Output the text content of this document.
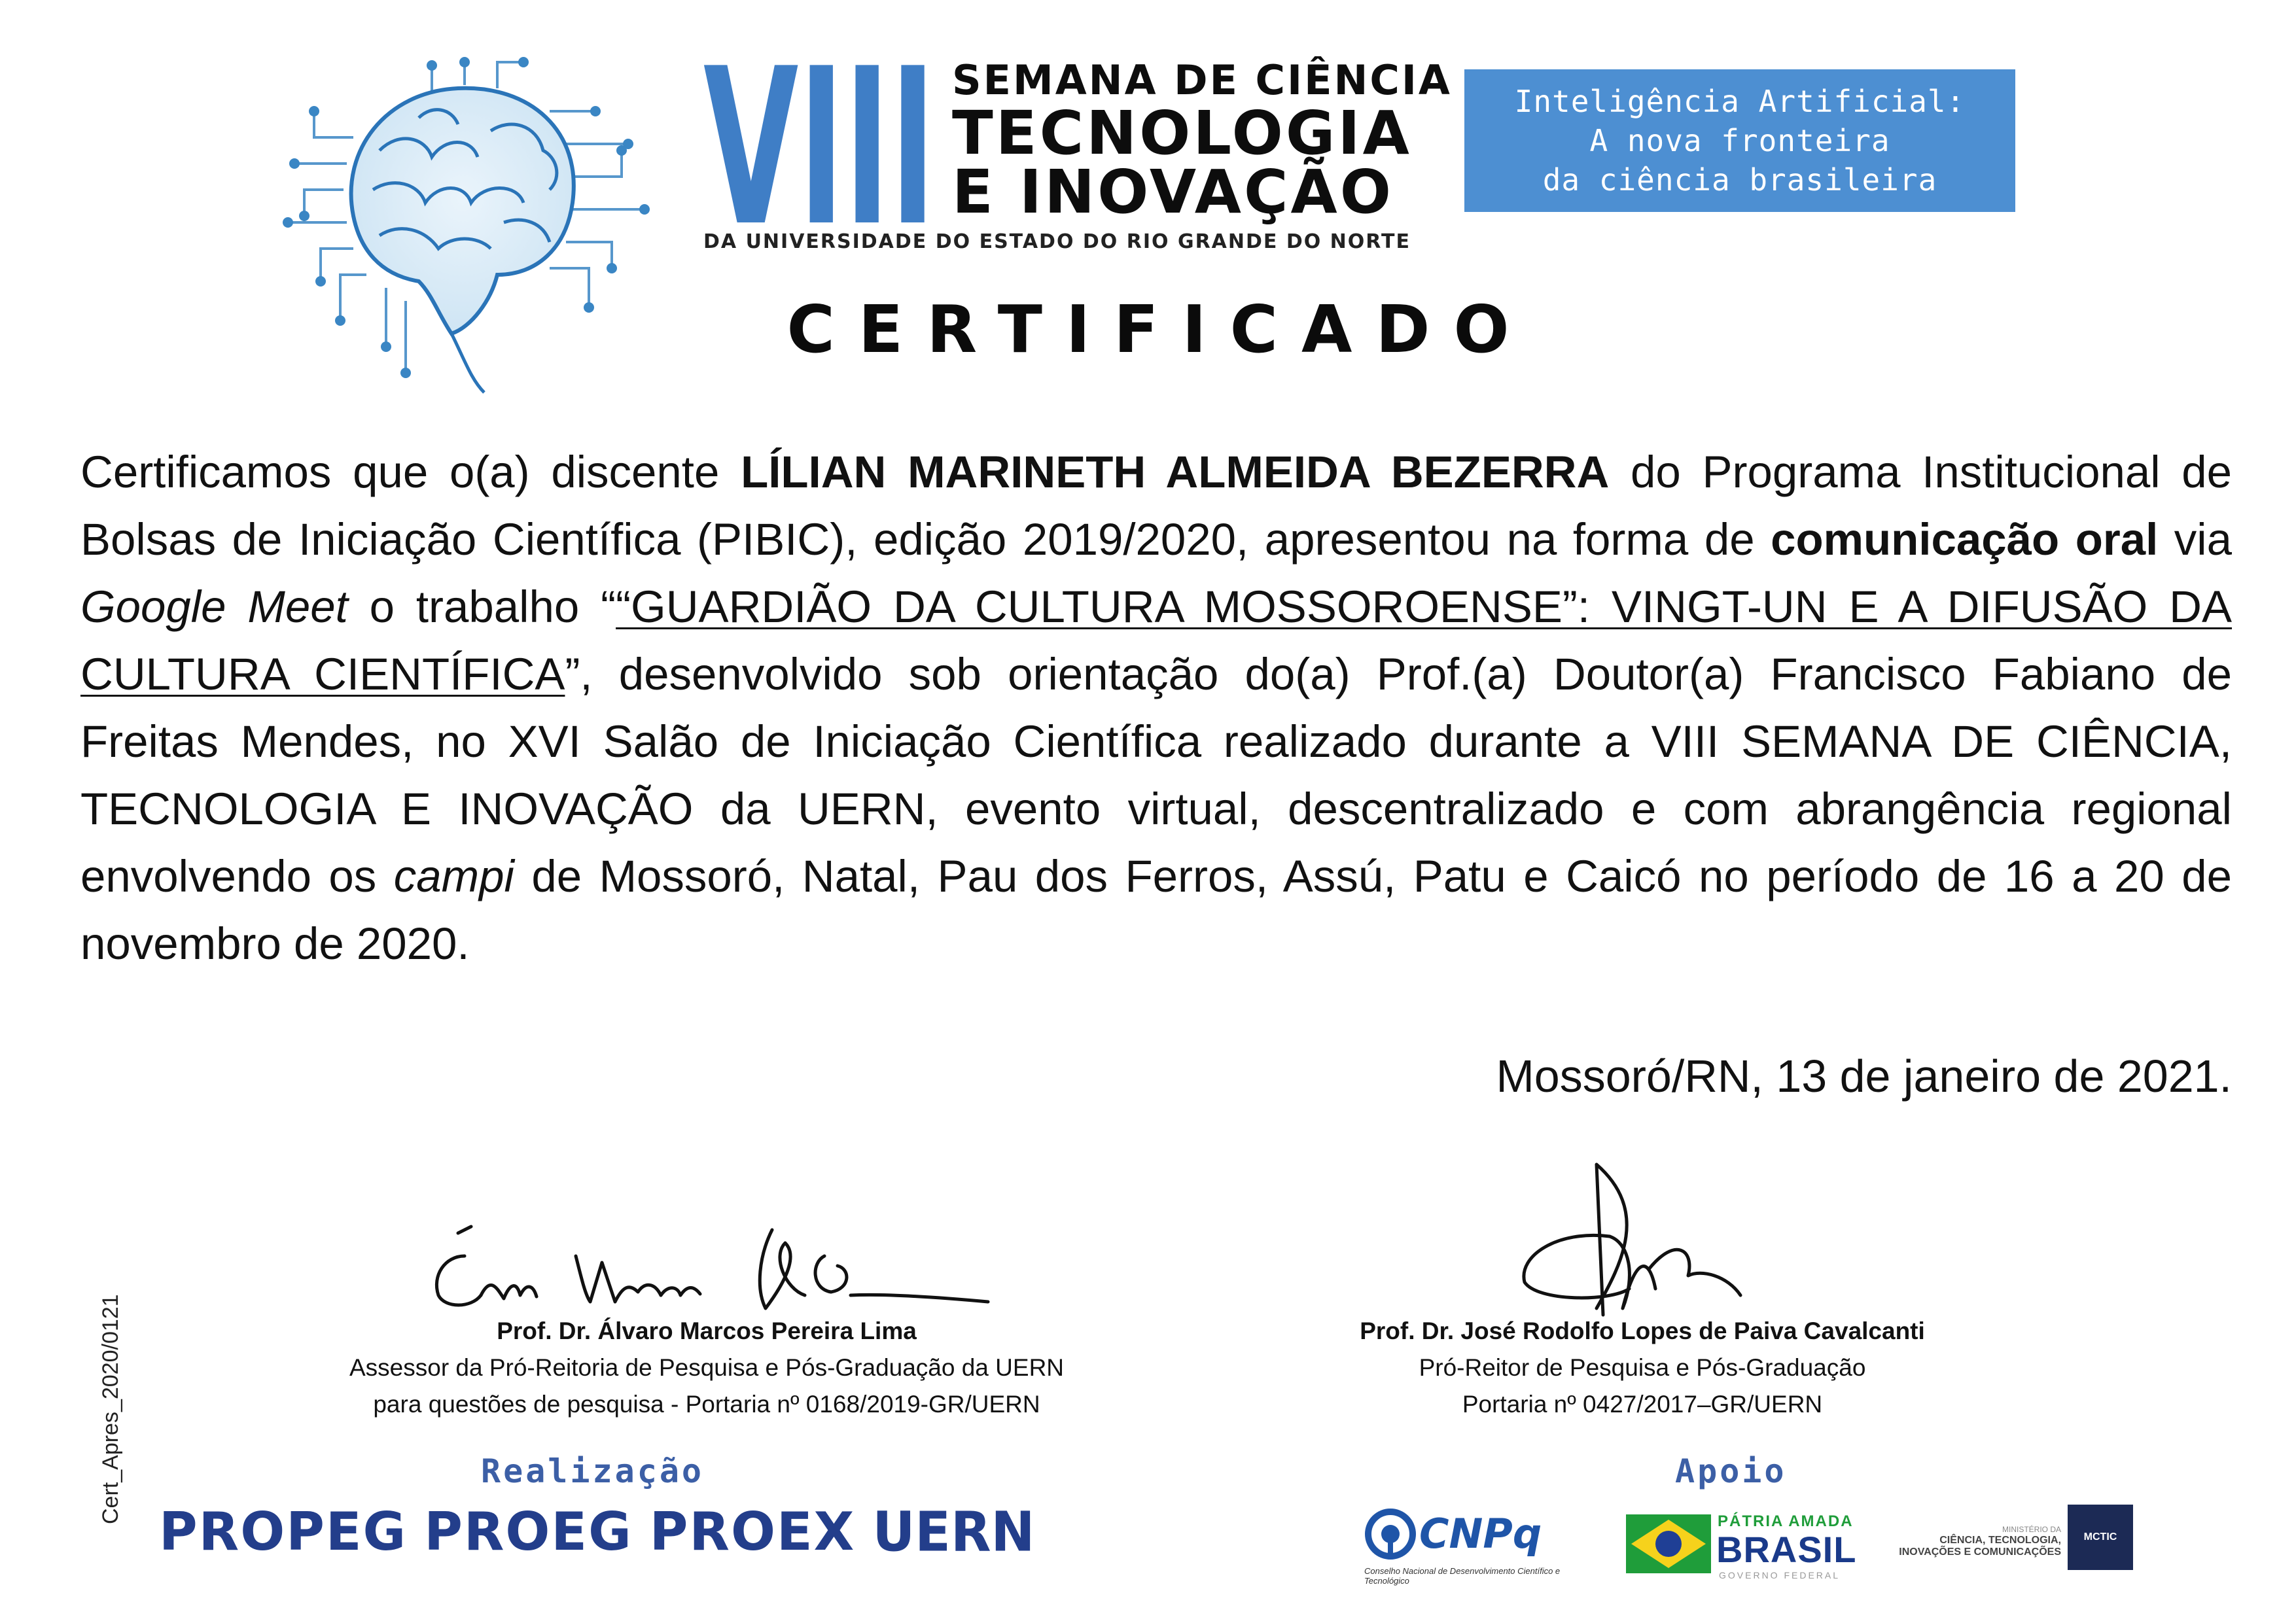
VIII SEMANA DE CIÊNCIA
TECNOLOGIA
E INOVAÇÃO
DA UNIVERSIDADE DO ESTADO DO RIO GRANDE DO NORTE
Inteligência Artificial:
A nova fronteira
da ciência brasileira
CERTIFICADO
Certificamos que o(a) discente LÍLIAN MARINETH ALMEIDA BEZERRA do Programa Institucional de Bolsas de Iniciação Científica (PIBIC), edição 2019/2020, apresentou na forma de comunicação oral via Google Meet o trabalho ““GUARDIÃO DA CULTURA MOSSOROENSE”: VINGT-UN E A DIFUSÃO DA CULTURA CIENTÍFICA”, desenvolvido sob orientação do(a) Prof.(a) Doutor(a) Francisco Fabiano de Freitas Mendes, no XVI Salão de Iniciação Científica realizado durante a VIII SEMANA DE CIÊNCIA, TECNOLOGIA E INOVAÇÃO da UERN, evento virtual, descentralizado e com abrangência regional envolvendo os campi de Mossoró, Natal, Pau dos Ferros, Assú, Patu e Caicó no período de 16 a 20 de novembro de 2020.
Mossoró/RN, 13 de janeiro de 2021.
Prof. Dr. Álvaro Marcos Pereira Lima
Assessor da Pró-Reitoria de Pesquisa e Pós-Graduação da UERN
para questões de pesquisa - Portaria nº 0168/2019-GR/UERN
Prof. Dr. José Rodolfo Lopes de Paiva Cavalcanti
Pró-Reitor de Pesquisa e Pós-Graduação
Portaria nº 0427/2017–GR/UERN
Cert_Apres_2020/0121	Realização
PROPEG PROEG PROEX UERN
Apoio
CNPq
Conselho Nacional de Desenvolvimento Científico e Tecnológico
PÁTRIA AMADA
BRASIL
GOVERNO FEDERAL
MCTIC
MINISTÉRIO DA
CIÊNCIA, TECNOLOGIA,
INOVAÇÕES E COMUNICAÇÕES
